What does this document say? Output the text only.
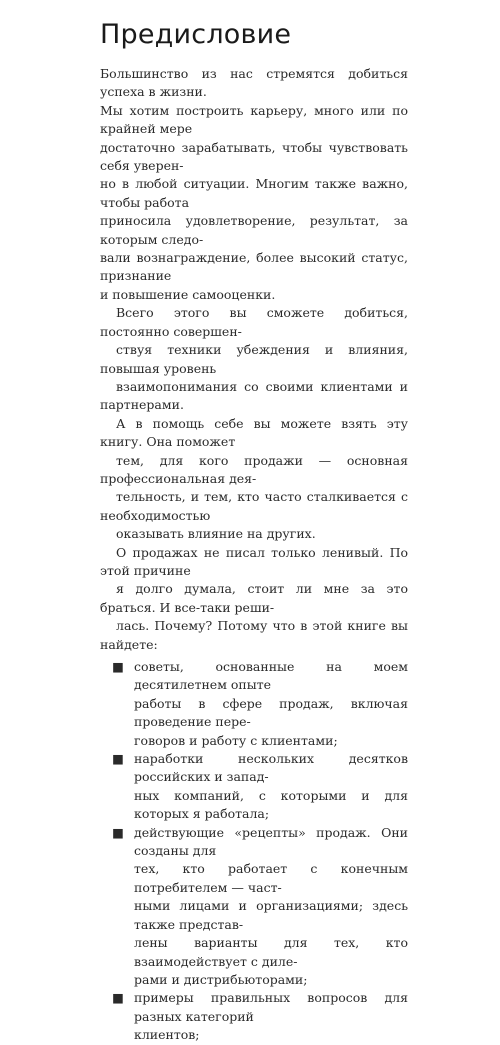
Предисловие

Большинство из нас стремятся добиться успеха в жизни.
Мы хотим построить карьеру, много или по крайней мере
достаточно зарабатывать, чтобы чувствовать себя уверен-
но в любой ситуации. Многим также важно, чтобы работа
приносила удовлетворение, результат, за которым следо-
вали вознаграждение, более высокий статус, признание
и повышение самооценки.

Всего этого вы сможете добиться, постоянно совершен-
ствуя техники убеждения и влияния, повышая уровень
взаимопонимания со своими клиентами и партнерами.
А в помощь себе вы можете взять эту книгу. Она поможет
тем, для кого продажи — основная профессиональная дея-
тельность, и тем, кто часто сталкивается с необходимостью
оказывать влияние на других.

О продажах не писал только ленивый. По этой причине
я долго думала, стоит ли мне за это браться. И все-таки реши-
лась. Почему? Потому что в этой книге вы найдете:

■ советы, основанные на моем десятилетнем опыте
работы в сфере продаж, включая проведение пере-
говоров и работу с клиентами;
■ наработки нескольких десятков российских и запад-
ных компаний, с которыми и для которых я работала;
■ действующие «рецепты» продаж. Они созданы для
тех, кто работает с конечным потребителем — част-
ными лицами и организациями; здесь также представ-
лены варианты для тех, кто взаимодействует с диле-
рами и дистрибьюторами;
■ примеры правильных вопросов для разных категорий
клиентов;
